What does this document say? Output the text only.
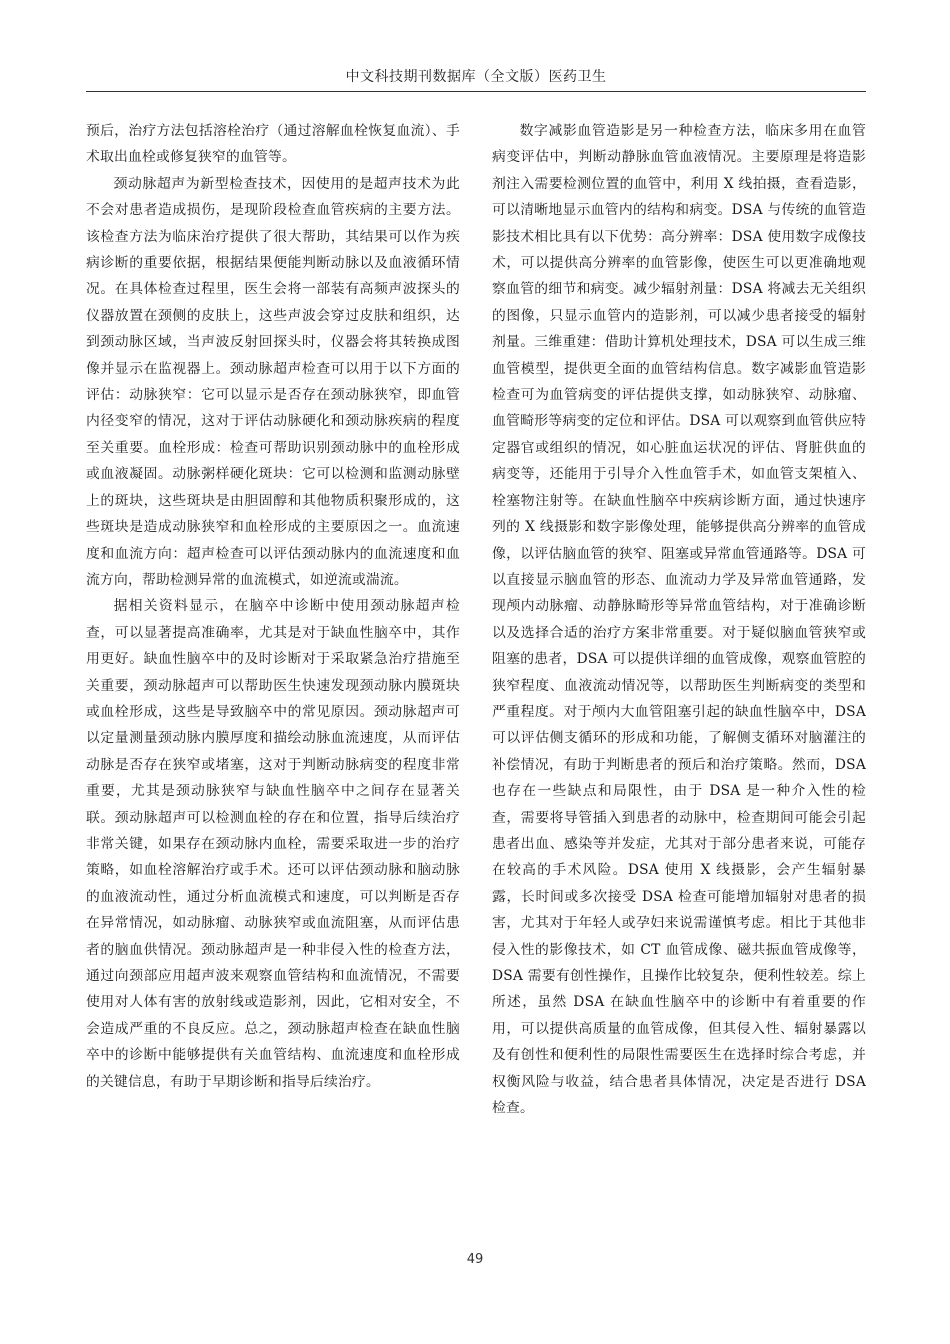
中文科技期刊数据库（全文版）医药卫生

预后，治疗方法包括溶栓治疗（通过溶解血栓恢复血流）、手术取出血栓或修复狭窄的血管等。

颈动脉超声为新型检查技术，因使用的是超声技术为此不会对患者造成损伤，是现阶段检查血管疾病的主要方法。该检查方法为临床治疗提供了很大帮助，其结果可以作为疾病诊断的重要依据，根据结果便能判断动脉以及血液循环情况。在具体检查过程里，医生会将一部装有高频声波探头的仪器放置在颈侧的皮肤上，这些声波会穿过皮肤和组织，达到颈动脉区域，当声波反射回探头时，仪器会将其转换成图像并显示在监视器上。颈动脉超声检查可以用于以下方面的评估：动脉狭窄：它可以显示是否存在颈动脉狭窄，即血管内径变窄的情况，这对于评估动脉硬化和颈动脉疾病的程度至关重要。血栓形成：检查可帮助识别颈动脉中的血栓形成或血液凝固。动脉粥样硬化斑块：它可以检测和监测动脉壁上的斑块，这些斑块是由胆固醇和其他物质积聚形成的，这些斑块是造成动脉狭窄和血栓形成的主要原因之一。血流速度和血流方向：超声检查可以评估颈动脉内的血流速度和血流方向，帮助检测异常的血流模式，如逆流或湍流。

据相关资料显示，在脑卒中诊断中使用颈动脉超声检查，可以显著提高准确率，尤其是对于缺血性脑卒中，其作用更好。缺血性脑卒中的及时诊断对于采取紧急治疗措施至关重要，颈动脉超声可以帮助医生快速发现颈动脉内膜斑块或血栓形成，这些是导致脑卒中的常见原因。颈动脉超声可以定量测量颈动脉内膜厚度和描绘动脉血流速度，从而评估动脉是否存在狭窄或堵塞，这对于判断动脉病变的程度非常重要，尤其是颈动脉狭窄与缺血性脑卒中之间存在显著关联。颈动脉超声可以检测血栓的存在和位置，指导后续治疗非常关键，如果存在颈动脉内血栓，需要采取进一步的治疗策略，如血栓溶解治疗或手术。还可以评估颈动脉和脑动脉的血液流动性，通过分析血流模式和速度，可以判断是否存在异常情况，如动脉瘤、动脉狭窄或血流阻塞，从而评估患者的脑血供情况。颈动脉超声是一种非侵入性的检查方法，通过向颈部应用超声波来观察血管结构和血流情况，不需要使用对人体有害的放射线或造影剂，因此，它相对安全，不会造成严重的不良反应。总之，颈动脉超声检查在缺血性脑卒中的诊断中能够提供有关血管结构、血流速度和血栓形成的关键信息，有助于早期诊断和指导后续治疗。

数字减影血管造影是另一种检查方法，临床多用在血管病变评估中，判断动静脉血管血液情况。主要原理是将造影剂注入需要检测位置的血管中，利用 X 线拍摄，查看造影，可以清晰地显示血管内的结构和病变。DSA 与传统的血管造影技术相比具有以下优势：高分辨率：DSA 使用数字成像技术，可以提供高分辨率的血管影像，使医生可以更准确地观察血管的细节和病变。减少辐射剂量：DSA 将减去无关组织的图像，只显示血管内的造影剂，可以减少患者接受的辐射剂量。三维重建：借助计算机处理技术，DSA 可以生成三维血管模型，提供更全面的血管结构信息。数字减影血管造影检查可为血管病变的评估提供支撑，如动脉狭窄、动脉瘤、血管畸形等病变的定位和评估。DSA 可以观察到血管供应特定器官或组织的情况，如心脏血运状况的评估、肾脏供血的病变等，还能用于引导介入性血管手术，如血管支架植入、栓塞物注射等。在缺血性脑卒中疾病诊断方面，通过快速序列的 X 线摄影和数字影像处理，能够提供高分辨率的血管成像，以评估脑血管的狭窄、阻塞或异常血管通路等。DSA 可以直接显示脑血管的形态、血流动力学及异常血管通路，发现颅内动脉瘤、动静脉畸形等异常血管结构，对于准确诊断以及选择合适的治疗方案非常重要。对于疑似脑血管狭窄或阻塞的患者，DSA 可以提供详细的血管成像，观察血管腔的狭窄程度、血液流动情况等，以帮助医生判断病变的类型和严重程度。对于颅内大血管阻塞引起的缺血性脑卒中，DSA 可以评估侧支循环的形成和功能，了解侧支循环对脑灌注的补偿情况，有助于判断患者的预后和治疗策略。然而，DSA 也存在一些缺点和局限性，由于 DSA 是一种介入性的检查，需要将导管插入到患者的动脉中，检查期间可能会引起患者出血、感染等并发症，尤其对于部分患者来说，可能存在较高的手术风险。DSA 使用 X 线摄影，会产生辐射暴露，长时间或多次接受 DSA 检查可能增加辐射对患者的损害，尤其对于年轻人或孕妇来说需谨慎考虑。相比于其他非侵入性的影像技术，如 CT 血管成像、磁共振血管成像等，DSA 需要有创性操作，且操作比较复杂，便利性较差。综上所述，虽然 DSA 在缺血性脑卒中的诊断中有着重要的作用，可以提供高质量的血管成像，但其侵入性、辐射暴露以及有创性和便利性的局限性需要医生在选择时综合考虑，并权衡风险与收益，结合患者具体情况，决定是否进行 DSA 检查。

49
